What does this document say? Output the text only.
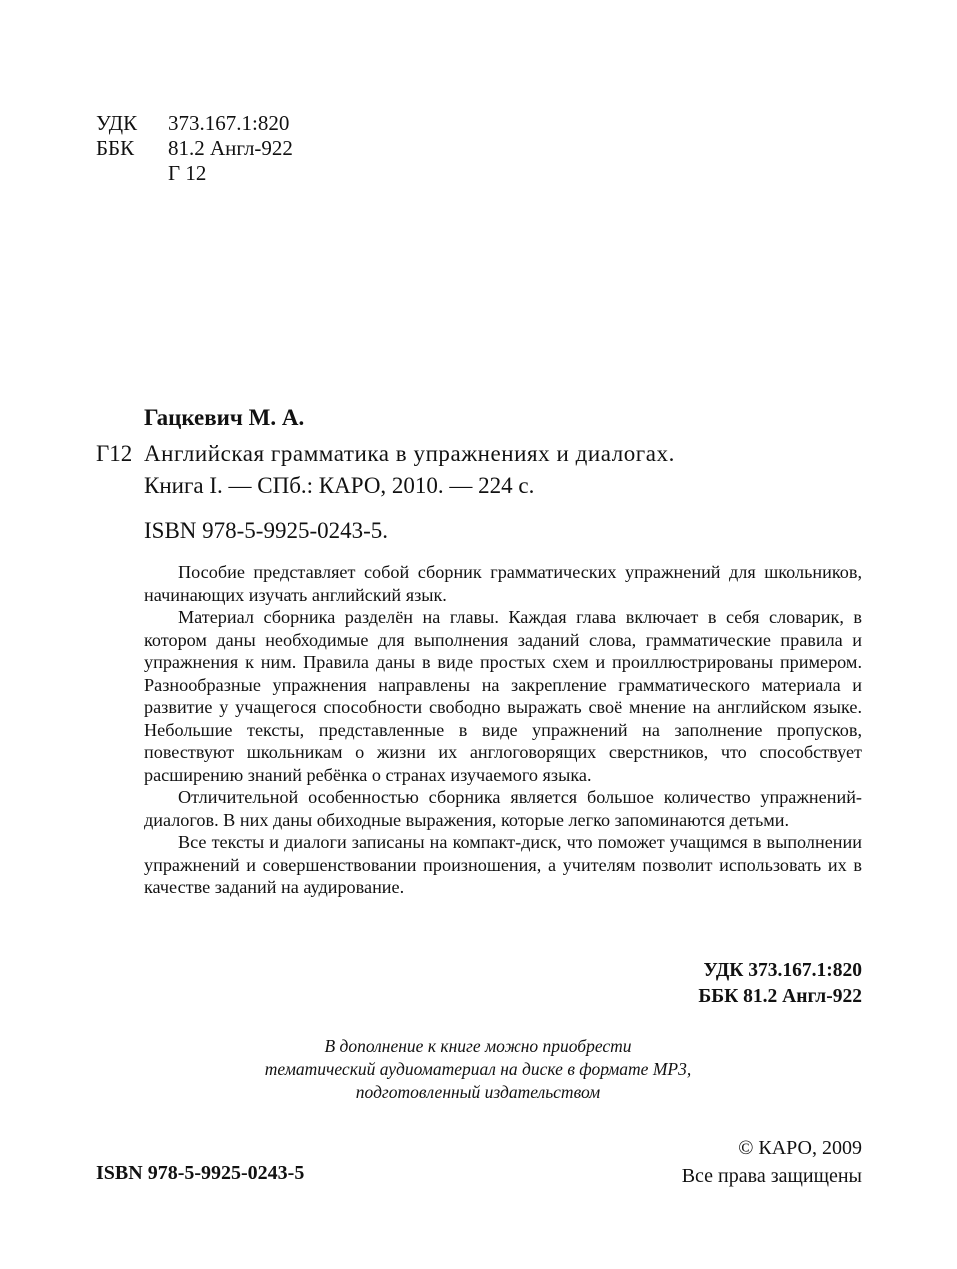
УДК	373.167.1:820
ББК	81.2 Англ-922
Г 12
Гацкевич М. А.
Г12 Английская грамматика в упражнениях и диалогах.
Книга I. — СПб.: КАРО, 2010. — 224 с.
ISBN 978-5-9925-0243-5.

Пособие представляет собой сборник грамматических упражнений для школьников, начинающих изучать английский язык.

Материал сборника разделён на главы. Каждая глава включает в себя словарик, в котором даны необходимые для выполнения заданий слова, грамматические правила и упражнения к ним. Правила даны в виде простых схем и проиллюстрированы примером. Разнообразные упражнения направлены на закрепление грамматического материала и развитие у учащегося способности свободно выражать своё мнение на английском языке. Небольшие тексты, представленные в виде упражнений на заполнение пропусков, повествуют школьникам о жизни их англоговорящих сверстников, что способствует расширению знаний ребёнка о странах изучаемого языка.

Отличительной особенностью сборника является большое количество упражнений-диалогов. В них даны обиходные выражения, которые легко запоминаются детьми.

Все тексты и диалоги записаны на компакт-диск, что поможет учащимся в выполнении упражнений и совершенствовании произношения, а учителям позволит использовать их в качестве заданий на аудирование.

УДК 373.167.1:820
ББК 81.2 Англ-922
В дополнение к книге можно приобрести
тематический аудиоматериал на диске в формате MP3,
подготовленный издательством
© КАРО, 2009
Все права защищены
ISBN 978-5-9925-0243-5
